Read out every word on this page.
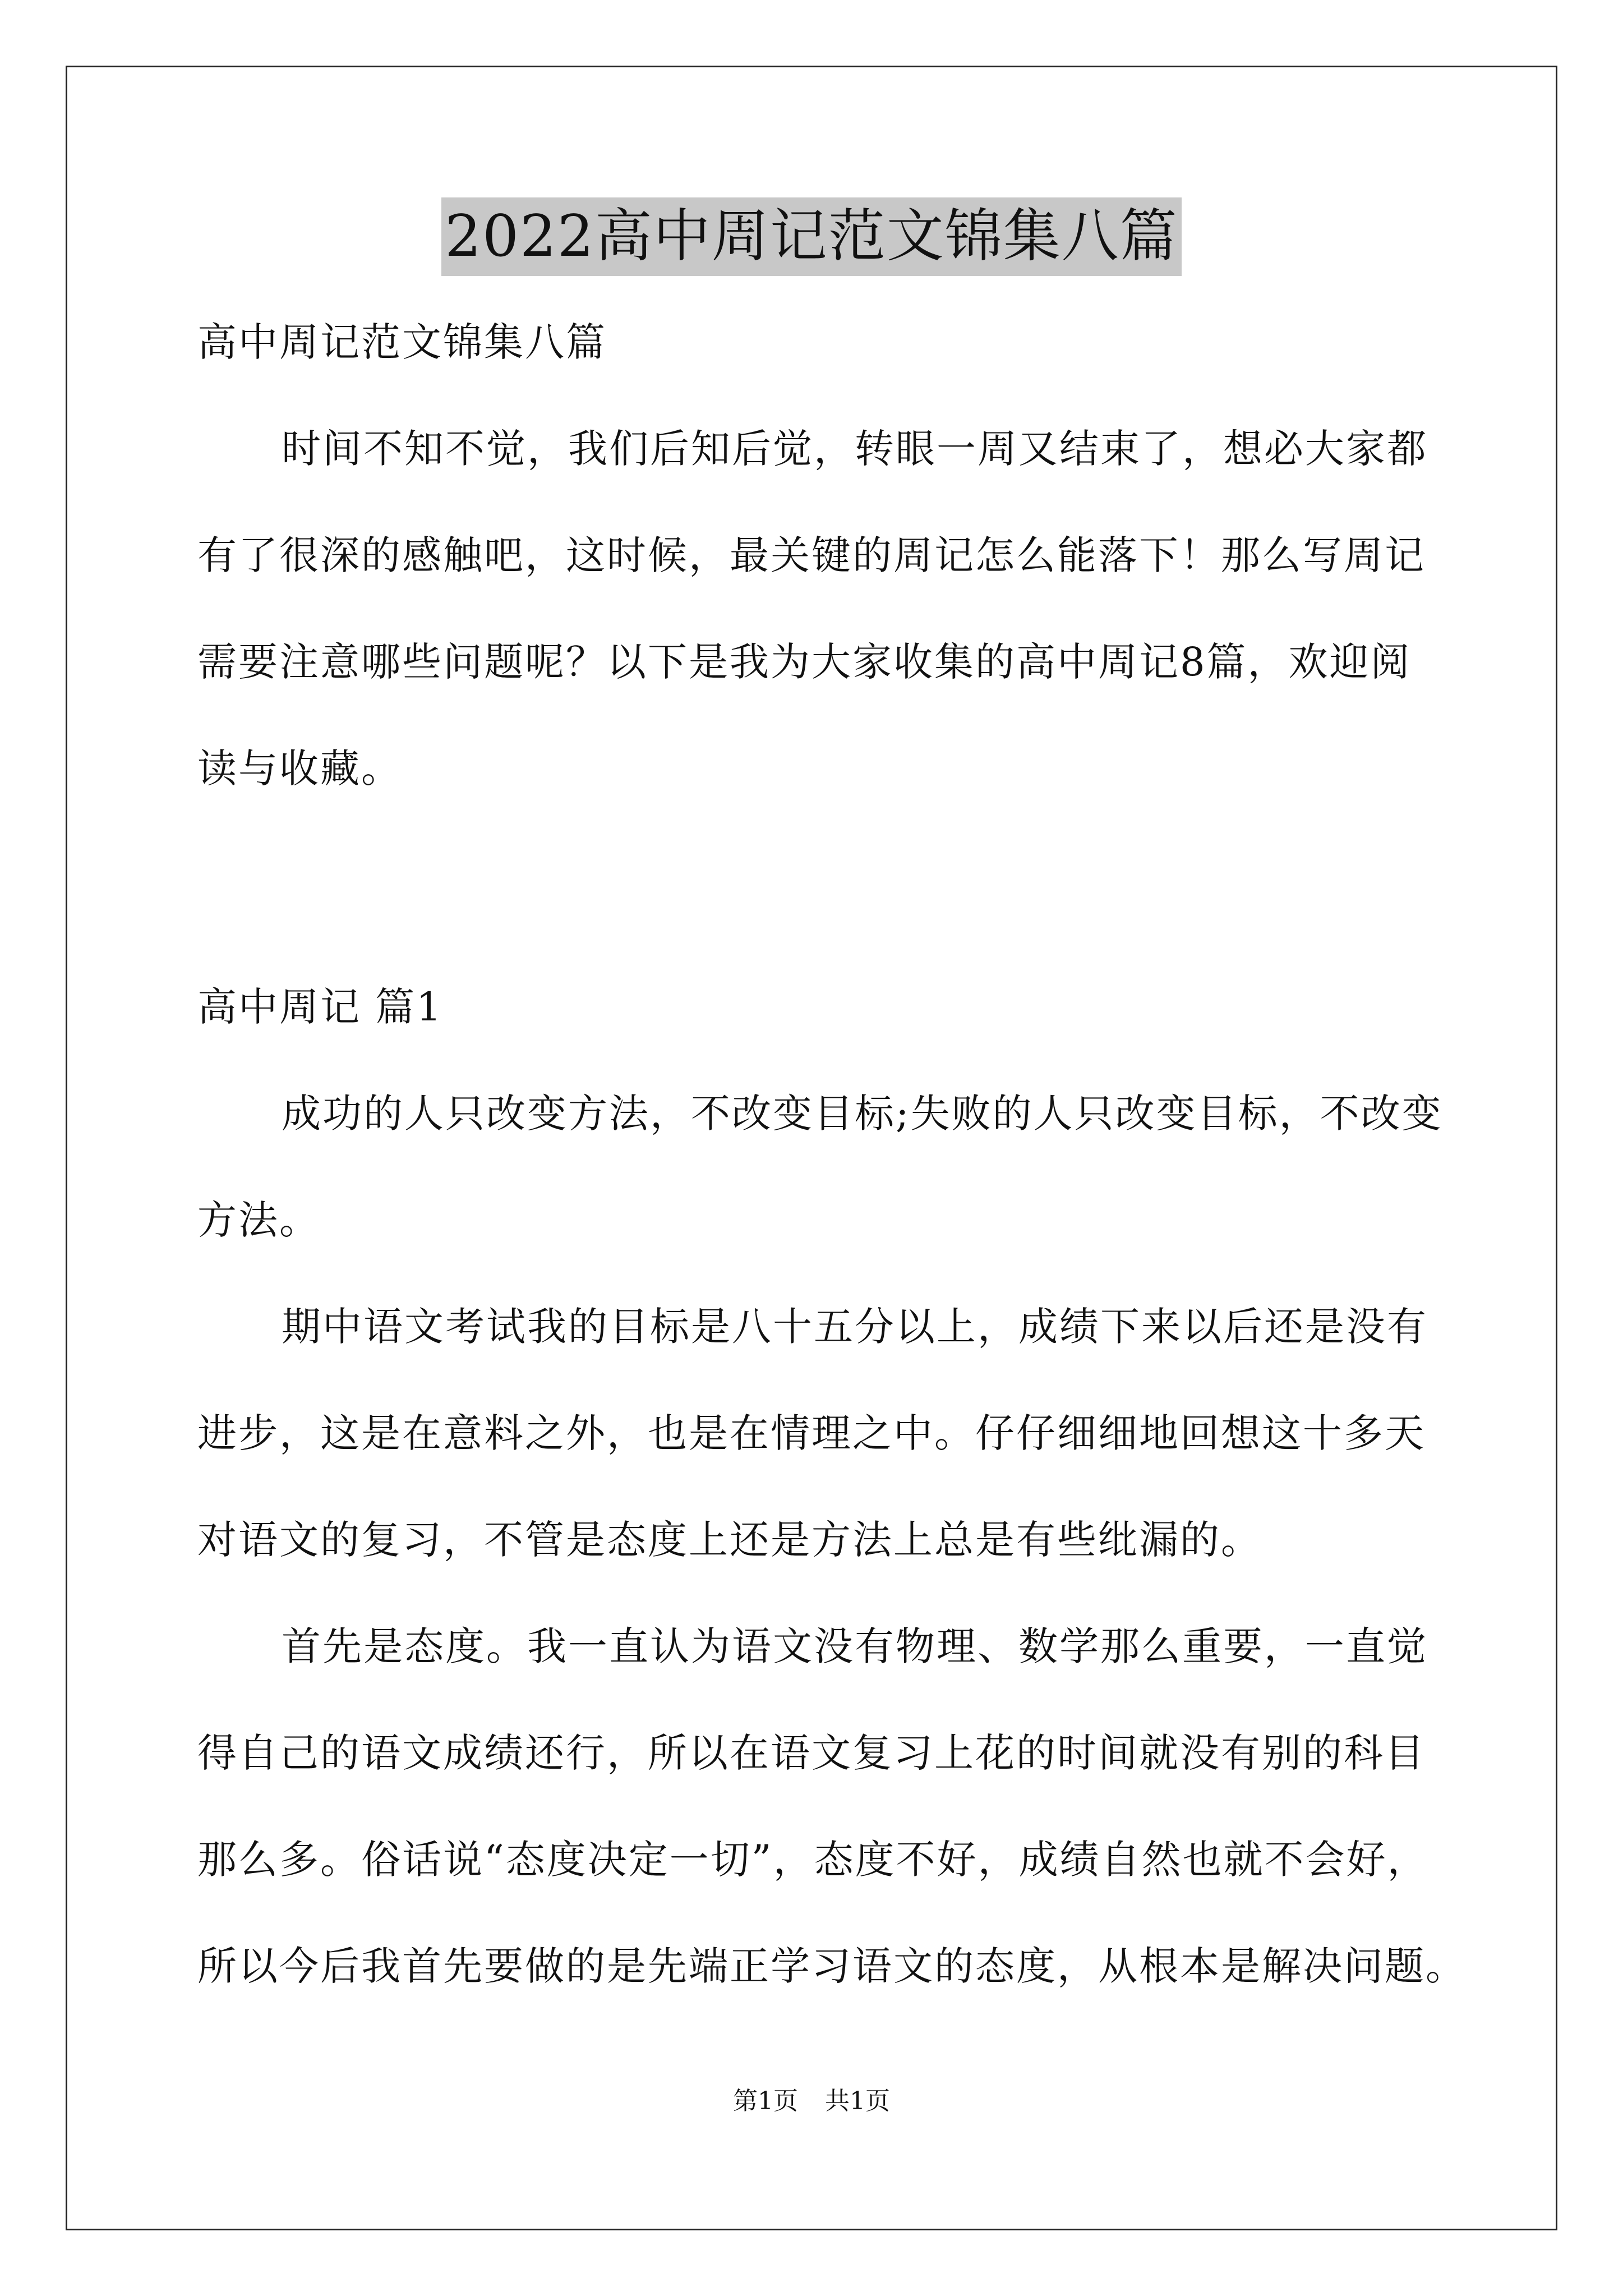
2022高中周记范文锦集八篇

高中周记范文锦集八篇

时间不知不觉，我们后知后觉，转眼一周又结束了，想必大家都

有了很深的感触吧，这时候，最关键的周记怎么能落下！那么写周记

需要注意哪些问题呢？以下是我为大家收集的高中周记8篇，欢迎阅

读与收藏。

高中周记 篇1

成功的人只改变方法，不改变目标;失败的人只改变目标，不改变

方法。

期中语文考试我的目标是八十五分以上，成绩下来以后还是没有

进步，这是在意料之外，也是在情理之中。仔仔细细地回想这十多天

对语文的复习，不管是态度上还是方法上总是有些纰漏的。

首先是态度。我一直认为语文没有物理、数学那么重要，一直觉

得自己的语文成绩还行，所以在语文复习上花的时间就没有别的科目

那么多。俗话说“态度决定一切”，态度不好，成绩自然也就不会好，

所以今后我首先要做的是先端正学习语文的态度，从根本是解决问题。

第1页 共1页
